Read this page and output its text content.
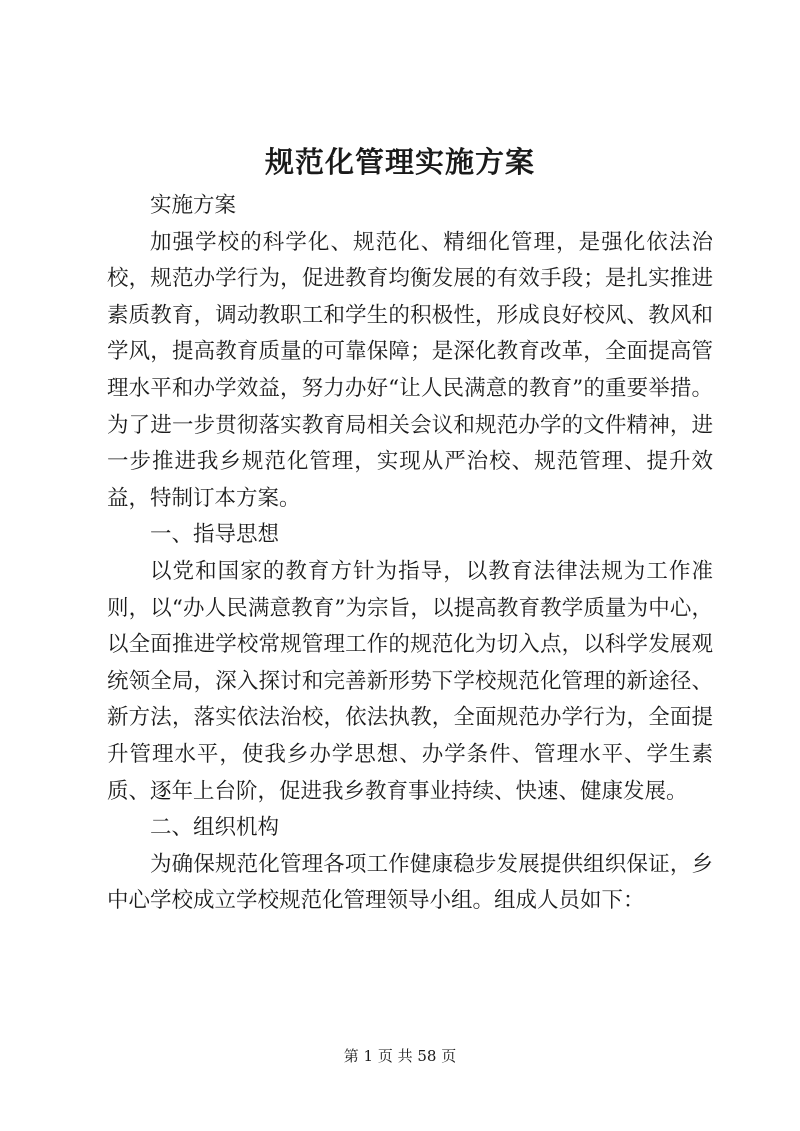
规范化管理实施方案

实施方案

加强学校的科学化、规范化、精细化管理，是强化依法治校，规范办学行为，促进教育均衡发展的有效手段；是扎实推进素质教育，调动教职工和学生的积极性，形成良好校风、教风和学风，提高教育质量的可靠保障；是深化教育改革，全面提高管理水平和办学效益，努力办好“让人民满意的教育”的重要举措。为了进一步贯彻落实教育局相关会议和规范办学的文件精神，进一步推进我乡规范化管理，实现从严治校、规范管理、提升效益，特制订本方案。

一、指导思想

以党和国家的教育方针为指导，以教育法律法规为工作准则，以“办人民满意教育”为宗旨，以提高教育教学质量为中心，以全面推进学校常规管理工作的规范化为切入点，以科学发展观统领全局，深入探讨和完善新形势下学校规范化管理的新途径、新方法，落实依法治校，依法执教，全面规范办学行为，全面提升管理水平，使我乡办学思想、办学条件、管理水平、学生素质、逐年上台阶，促进我乡教育事业持续、快速、健康发展。

二、组织机构

为确保规范化管理各项工作健康稳步发展提供组织保证，乡中心学校成立学校规范化管理领导小组。组成人员如下：

第 1 页 共 58 页
